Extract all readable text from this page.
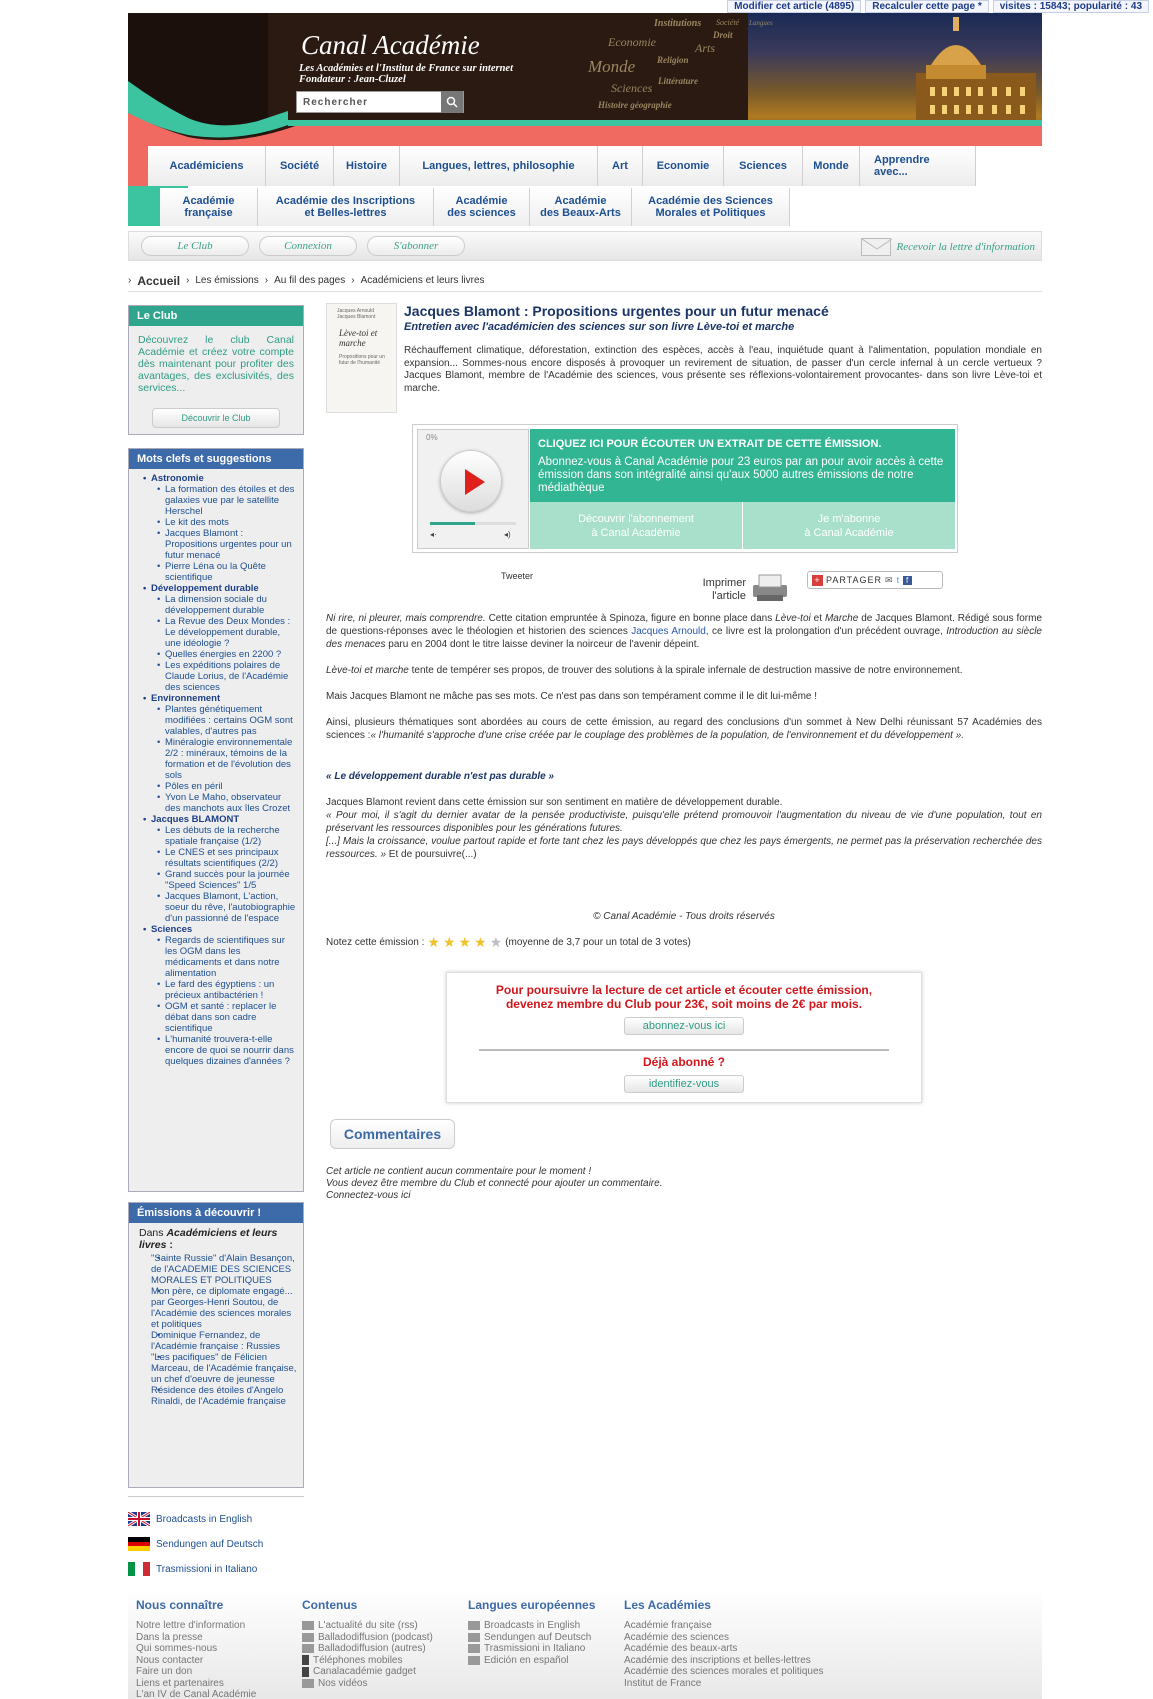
Modifier cet article (4895)	Recalculer cette page *	visites : 15843; popularité : 43
Société Langues
Institutions
Droit
Economie	Arts
Religion
Monde
Sciences Littérature
Histoire géographie
Canal Académie
Les Académies et l'Institut de France sur internet
Fondateur : Jean-Cluzel
Rechercher
Académiciens	Société	Histoire	Langues, lettres, philosophie	Art	Economie	Sciences	Monde	Apprendre avec...
Académie
française
Académie des Inscriptions
et Belles-lettres
Académie
des sciences
Académie
des Beaux-Arts
Académie des Sciences
Morales et Politiques
Le Club	Connexion	S'abonner	Recevoir la lettre d'information
› Accueil › Les émissions › Au fil des pages › Académiciens et leurs livres
Le Club
Découvrez le club Canal Académie et créez votre compte dès maintenant pour profiter des avantages, des exclusivités, des services...
Découvrir le Club
Mots clefs et suggestions
• Astronomie
• La formation des étoiles et des galaxies vue par le satellite Herschel
• Le kit des mots
• Jacques Blamont : Propositions urgentes pour un futur menacé
• Pierre Léna ou la Quête scientifique
• Développement durable
• La dimension sociale du développement durable
• La Revue des Deux Mondes : Le développement durable, une idéologie ?
• Quelles énergies en 2200 ?
• Les expéditions polaires de Claude Lorius, de l'Académie des sciences
• Environnement
• Plantes génétiquement modifiées : certains OGM sont valables, d'autres pas
• Minéralogie environnementale 2/2 : minéraux, témoins de la formation et de l'évolution des sols
• Pôles en péril
• Yvon Le Maho, observateur des manchots aux îles Crozet
• Jacques BLAMONT
• Les débuts de la recherche spatiale française (1/2)
• Le CNES et ses principaux résultats scientifiques (2/2)
• Grand succès pour la journée "Speed Sciences" 1/5
• Jacques Blamont, L'action, soeur du rêve, l'autobiographie d'un passionné de l'espace
• Sciences
• Regards de scientifiques sur les OGM dans les médicaments et dans notre alimentation
• Le fard des égyptiens : un précieux antibactérien !
• OGM et santé : replacer le débat dans son cadre scientifique
• L'humanité trouvera-t-elle encore de quoi se nourrir dans quelques dizaines d'années ?
Émissions à découvrir !
Dans Académiciens et leurs livres :
• "Sainte Russie" d'Alain Besançon, de l'ACADEMIE DES SCIENCES MORALES ET POLITIQUES
• Mon père, ce diplomate engagé... par Georges-Henri Soutou, de l'Académie des sciences morales et politiques
• Dominique Fernandez, de l'Académie française : Russies
• "Les pacifiques" de Félicien Marceau, de l'Académie française, un chef d'oeuvre de jeunesse
• Résidence des étoiles d'Angelo Rinaldi, de l'Académie française
Broadcasts in English
Sendungen auf Deutsch
Trasmissioni in Italiano
Jacques Arnould
Jacques Blamont
Lève-toi et marche
Propositions pour un futur de l'humanité
Jacques Blamont : Propositions urgentes pour un futur menacé
Entretien avec l'académicien des sciences sur son livre Lève-toi et marche
Réchauffement climatique, déforestation, extinction des espèces, accès à l'eau, inquiétude quant à l'alimentation, population mondiale en expansion... Sommes-nous encore disposés à provoquer un revirement de situation, de passer d'un cercle infernal à un cercle vertueux ? Jacques Blamont, membre de l'Académie des sciences, vous présente ses réflexions-volontairement provocantes- dans son livre Lève-toi et marche.
0%
◂·	◂)
CLIQUEZ ICI POUR ÉCOUTER UN EXTRAIT DE CETTE ÉMISSION.
Abonnez-vous à Canal Académie pour 23 euros par an pour avoir accès à cette émission dans son intégralité ainsi qu'aux 5000 autres émissions de notre médiathèque
Découvrir l'abonnement
à Canal Académie
Je m'abonne
à Canal Académie
Tweeter
Imprimer
l'article
+ PARTAGER ✉ t f

Ni rire, ni pleurer, mais comprendre. Cette citation empruntée à Spinoza, figure en bonne place dans Lève-toi et Marche de Jacques Blamont. Rédigé sous forme de questions-réponses avec le théologien et historien des sciences Jacques Arnould, ce livre est la prolongation d'un précédent ouvrage, Introduction au siècle des menaces paru en 2004 dont le titre laisse deviner la noirceur de l'avenir dépeint.

Lève-toi et marche tente de tempérer ses propos, de trouver des solutions à la spirale infernale de destruction massive de notre environnement.

Mais Jacques Blamont ne mâche pas ses mots. Ce n'est pas dans son tempérament comme il le dit lui-même !

Ainsi, plusieurs thématiques sont abordées au cours de cette émission, au regard des conclusions d'un sommet à New Delhi réunissant 57 Académies des sciences :« l'humanité s'approche d'une crise créée par le couplage des problèmes de la population, de l'environnement et du développement ».

« Le développement durable n'est pas durable »

Jacques Blamont revient dans cette émission sur son sentiment en matière de développement durable.
« Pour moi, il s'agit du dernier avatar de la pensée productiviste, puisqu'elle prétend promouvoir l'augmentation du niveau de vie d'une population, tout en préservant les ressources disponibles pour les générations futures.
[...] Mais la croissance, voulue partout rapide et forte tant chez les pays développés que chez les pays émergents, ne permet pas la préservation recherchée des ressources. » Et de poursuivre(...)

© Canal Académie - Tous droits réservés
Notez cette émission : ★ ★ ★ ★ ★ (moyenne de 3,7 pour un total de 3 votes)
Pour poursuivre la lecture de cet article et écouter cette émission, devenez membre du Club pour 23€, soit moins de 2€ par mois.
abonnez-vous ici
Déjà abonné ?
identifiez-vous
Commentaires
Cet article ne contient aucun commentaire pour le moment !
Vous devez être membre du Club et connecté pour ajouter un commentaire.
Connectez-vous ici
Nous connaître
Notre lettre d'information
Dans la presse
Qui sommes-nous
Nous contacter
Faire un don
Liens et partenaires
L'an IV de Canal Académie
Contenus
L'actualité du site (rss)
Balladodiffusion (podcast)
Balladodiffusion (autres)
Téléphones mobiles
Canalacadémie gadget
Nos vidéos
Langues européennes
Broadcasts in English
Sendungen auf Deutsch
Trasmissioni in Italiano
Edición en español
Les Académies
Académie française
Académie des sciences
Académie des beaux-arts
Académie des inscriptions et belles-lettres
Académie des sciences morales et politiques
Institut de France
